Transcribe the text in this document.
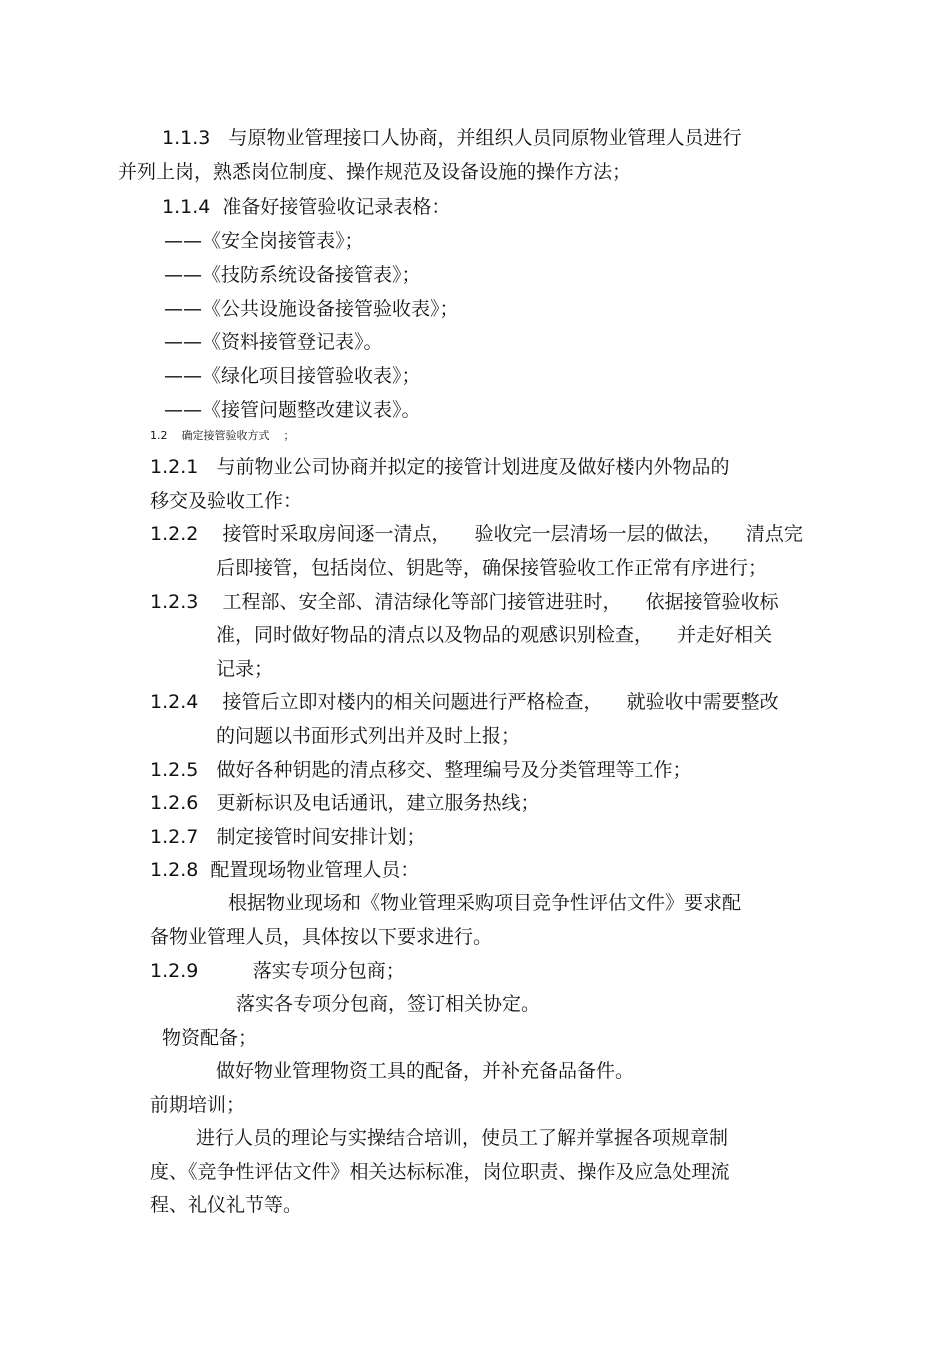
1.1.3   与原物业管理接口人协商，并组织人员同原物业管理人员进行
并列上岗，熟悉岗位制度、操作规范及设备设施的操作方法；
1.1.4  准备好接管验收记录表格：
——《安全岗接管表》；
——《技防系统设备接管表》；
——《公共设施设备接管验收表》；
——《资料接管登记表》。
——《绿化项目接管验收表》；
——《接管问题整改建议表》。
1.2    确定接管验收方式    ；
1.2.1   与前物业公司协商并拟定的接管计划进度及做好楼内外物品的
移交及验收工作：
1.2.2    接管时采取房间逐一清点，    验收完一层清场一层的做法，    清点完
后即接管，包括岗位、钥匙等，确保接管验收工作正常有序进行；
1.2.3    工程部、安全部、清洁绿化等部门接管进驻时，    依据接管验收标
准，同时做好物品的清点以及物品的观感识别检查，    并走好相关
记录；
1.2.4    接管后立即对楼内的相关问题进行严格检查，    就验收中需要整改
的问题以书面形式列出并及时上报；
1.2.5   做好各种钥匙的清点移交、整理编号及分类管理等工作；
1.2.6   更新标识及电话通讯，建立服务热线；
1.2.7   制定接管时间安排计划；
1.2.8  配置现场物业管理人员：
根据物业现场和《物业管理采购项目竞争性评估文件》要求配
备物业管理人员，具体按以下要求进行。
1.2.9         落实专项分包商；
落实各专项分包商，签订相关协定。
物资配备；
做好物业管理物资工具的配备，并补充备品备件。
前期培训；
进行人员的理论与实操结合培训，使员工了解并掌握各项规章制
度、《竞争性评估文件》相关达标标准，岗位职责、操作及应急处理流
程、礼仪礼节等。
